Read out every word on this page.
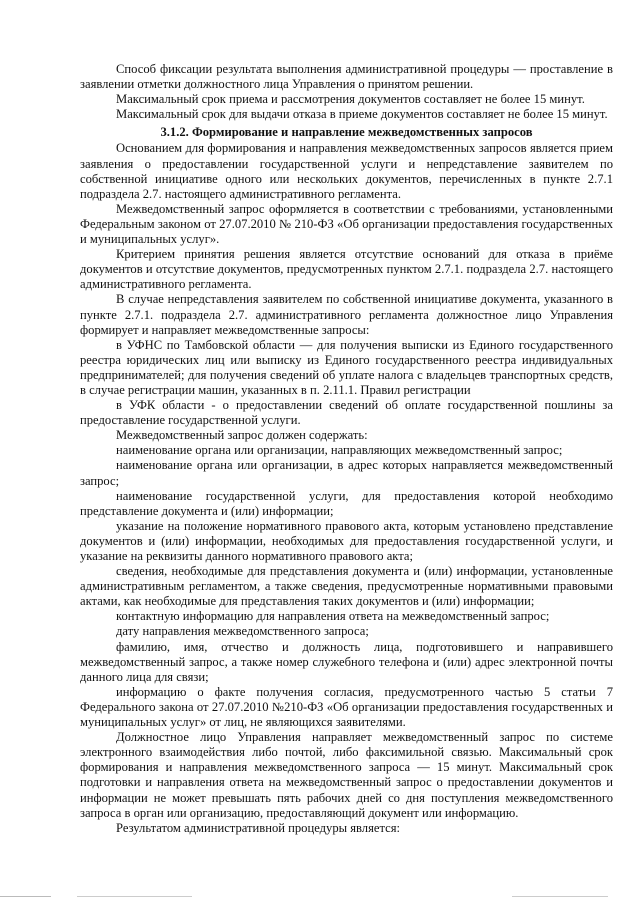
Способ фиксации результата выполнения административной процедуры — проставление в заявлении отметки должностного лица Управления о принятом решении.

Максимальный срок приема и рассмотрения документов составляет не более 15 минут.

Максимальный срок для выдачи отказа в приеме документов составляет не более 15 минут.

3.1.2. Формирование и направление межведомственных запросов

Основанием для формирования и направления межведомственных запросов является прием заявления о предоставлении государственной услуги и непредставление заявителем по собственной инициативе одного или нескольких документов, перечисленных в пункте 2.7.1 подраздела 2.7. настоящего административного регламента.

Межведомственный запрос оформляется в соответствии с требованиями, установленными Федеральным законом от 27.07.2010 № 210-ФЗ «Об организации предоставления государственных и муниципальных услуг».

Критерием принятия решения является отсутствие оснований для отказа в приёме документов и отсутствие документов, предусмотренных пунктом 2.7.1. подраздела 2.7. настоящего административного регламента.

В случае непредставления заявителем по собственной инициативе документа, указанного в пункте 2.7.1. подраздела 2.7. административного регламента должностное лицо Управления формирует и направляет межведомственные запросы:

в УФНС по Тамбовской области — для получения выписки из Единого государственного реестра юридических лиц или выписку из Единого государственного реестра индивидуальных предпринимателей; для получения сведений об уплате налога с владельцев транспортных средств, в случае регистрации машин, указанных в п. 2.11.1. Правил регистрации

в УФК области - о предоставлении сведений об оплате государственной пошлины за предоставление государственной услуги.

Межведомственный запрос должен содержать:

наименование органа или организации, направляющих межведомственный запрос;

наименование органа или организации, в адрес которых направляется межведомственный запрос;

наименование государственной услуги, для предоставления которой необходимо представление документа и (или) информации;

указание на положение нормативного правового акта, которым установлено представление документов и (или) информации, необходимых для предоставления государственной услуги, и указание на реквизиты данного нормативного правового акта;

сведения, необходимые для представления документа и (или) информации, установленные административным регламентом, а также сведения, предусмотренные нормативными правовыми актами, как необходимые для представления таких документов и (или) информации;

контактную информацию для направления ответа на межведомственный запрос;

дату направления межведомственного запроса;

фамилию, имя, отчество и должность лица, подготовившего и направившего межведомственный запрос, а также номер служебного телефона и (или) адрес электронной почты данного лица для связи;

информацию о факте получения согласия, предусмотренного частью 5 статьи 7 Федерального закона от 27.07.2010 №210-ФЗ «Об организации предоставления государственных и муниципальных услуг» от лиц, не являющихся заявителями.

Должностное лицо Управления направляет межведомственный запрос по системе электронного взаимодействия либо почтой, либо факсимильной связью. Максимальный срок формирования и направления межведомственного запроса — 15 минут. Максимальный срок подготовки и направления ответа на межведомственный запрос о предоставлении документов и информации не может превышать пять рабочих дней со дня поступления межведомственного запроса в орган или организацию, предоставляющий документ или информацию.

Результатом административной процедуры является:
